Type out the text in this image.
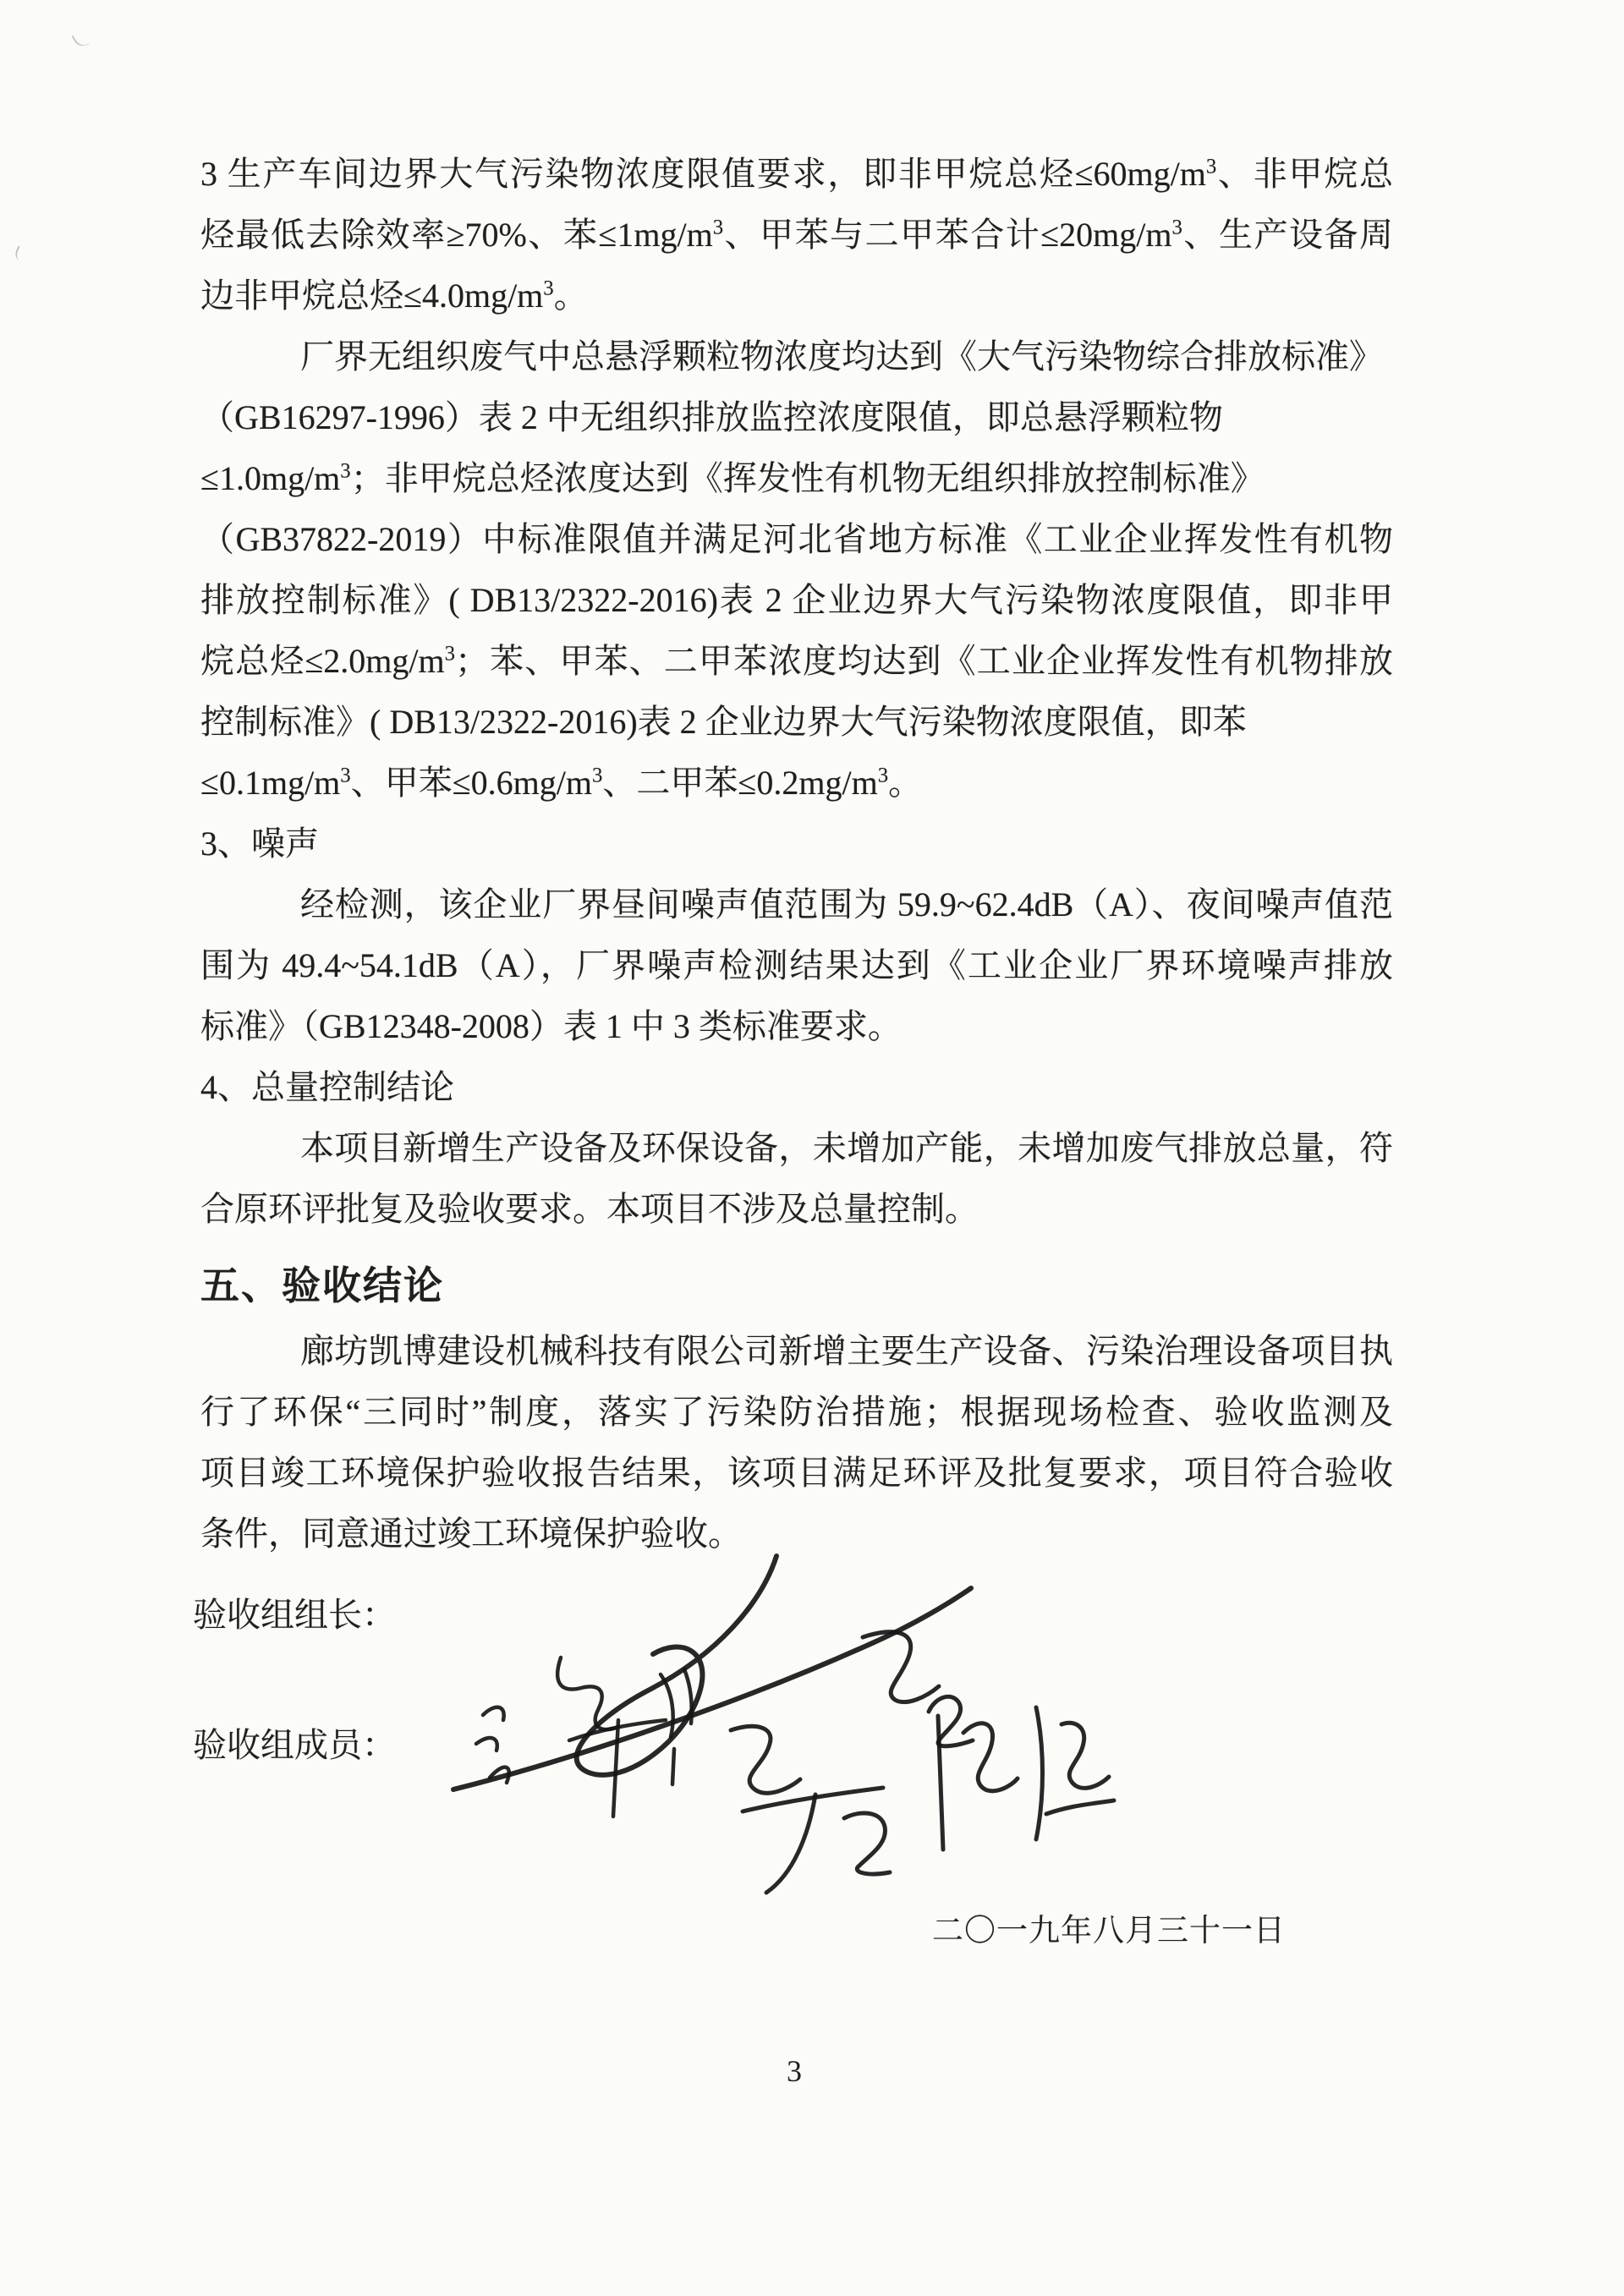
3 生产车间边界大气污染物浓度限值要求，即非甲烷总烃$\le 60mg/m^3$、非甲烷总

烃最低去除效率≥70%、苯$\le 1mg/m^3$、甲苯与二甲苯合计$\le 20mg/m^3$、生产设备周

边非甲烷总烃$\le 4.0mg/m^3$。

厂界无组织废气中总悬浮颗粒物浓度均达到《大气污染物综合排放标准》

（GB16297-1996）表 2 中无组织排放监控浓度限值，即总悬浮颗粒物

$\le 1.0mg/m^3$；非甲烷总烃浓度达到《挥发性有机物无组织排放控制标准》

（GB37822-2019）中标准限值并满足河北省地方标准《工业企业挥发性有机物

排放控制标准》( DB13/2322-2016)表 2 企业边界大气污染物浓度限值，即非甲

烷总烃$\le 2.0mg/m^3$；苯、甲苯、二甲苯浓度均达到《工业企业挥发性有机物排放

控制标准》( DB13/2322-2016)表 2 企业边界大气污染物浓度限值，即苯

$\le 0.1mg/m^3$、甲苯$\le 0.6mg/m^3$、二甲苯$\le 0.2mg/m^3$。

3、噪声

经检测，该企业厂界昼间噪声值范围为 59.9~62.4dB（A）、夜间噪声值范

围为 49.4~54.1dB（A），厂界噪声检测结果达到《工业企业厂界环境噪声排放

标准》（GB12348-2008）表 1 中 3 类标准要求。

4、总量控制结论

本项目新增生产设备及环保设备，未增加产能，未增加废气排放总量，符

合原环评批复及验收要求。本项目不涉及总量控制。

五、验收结论

廊坊凯博建设机械科技有限公司新增主要生产设备、污染治理设备项目执

行了环保“三同时”制度，落实了污染防治措施；根据现场检查、验收监测及

项目竣工环境保护验收报告结果，该项目满足环评及批复要求，项目符合验收

条件，同意通过竣工环境保护验收。

验收组组长：
验收组成员：
二〇一九年八月三十一日
3
